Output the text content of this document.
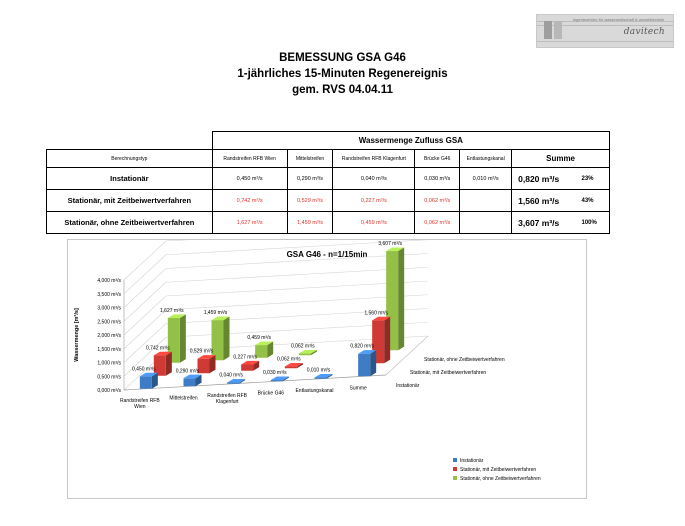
ingenieurbüro für wasserwirtschaft & umwelttechnik
davitech
BEMESSUNG GSA G46
1-jährliches 15-Minuten Regenereignis
gem. RVS 04.04.11
	Wassermenge Zufluss GSA						
Berechnungstyp	Randstreifen RFB Wien	Mittelstreifen	Randstreifen RFB Klagenfurt	Brücke G46	Entlastungskanal	Summe	
Instationär	0,450 m³/s	0,290 m³/s	0,040 m³/s	0,030 m³/s	0,010 m³/s	0,820 m³/s	23%
Stationär, mit Zeitbeiwertverfahren	0,742 m³/s	0,529 m³/s	0,227 m³/s	0,062 m³/s		1,560 m³/s	43%
Stationär, ohne Zeitbeiwertverfahren	1,627 m³/s	1,459 m³/s	0,459 m³/s	0,062 m³/s		3,607 m³/s	100%
GSA G46 - n=1/15min
0,000 m³/s
0,500 m³/s
1,000 m³/s
1,500 m³/s
2,000 m³/s
2,500 m³/s
3,000 m³/s
3,500 m³/s
4,000 m³/s
Wassermenge [m³/s]	1,627 m³/s	1,459 m³/s
0,459 m³/s
0,062 m³/s
3,607 m³/s
0,742 m³/s
0,529 m³/s
0,227 m³/s	0,062 m³/s
1,560 m³/s
0,450 m³/s	0,290 m³/s
0,040 m³/s	0,030 m³/s	0,010 m³/s
0,820 m³/s
Randstreifen RFB Wien
Mittelstreifen Randstreifen RFB Klagenfurt
Brücke G46 Entlastungskanal	Summe	Instationär
Stationär, mit Zeitbeiwertverfahren
Stationär, ohne Zeitbeiwertverfahren
Instationär
Stationär, mit Zeitbeiwertverfahren
Stationär, ohne Zeitbeiwertverfahren
